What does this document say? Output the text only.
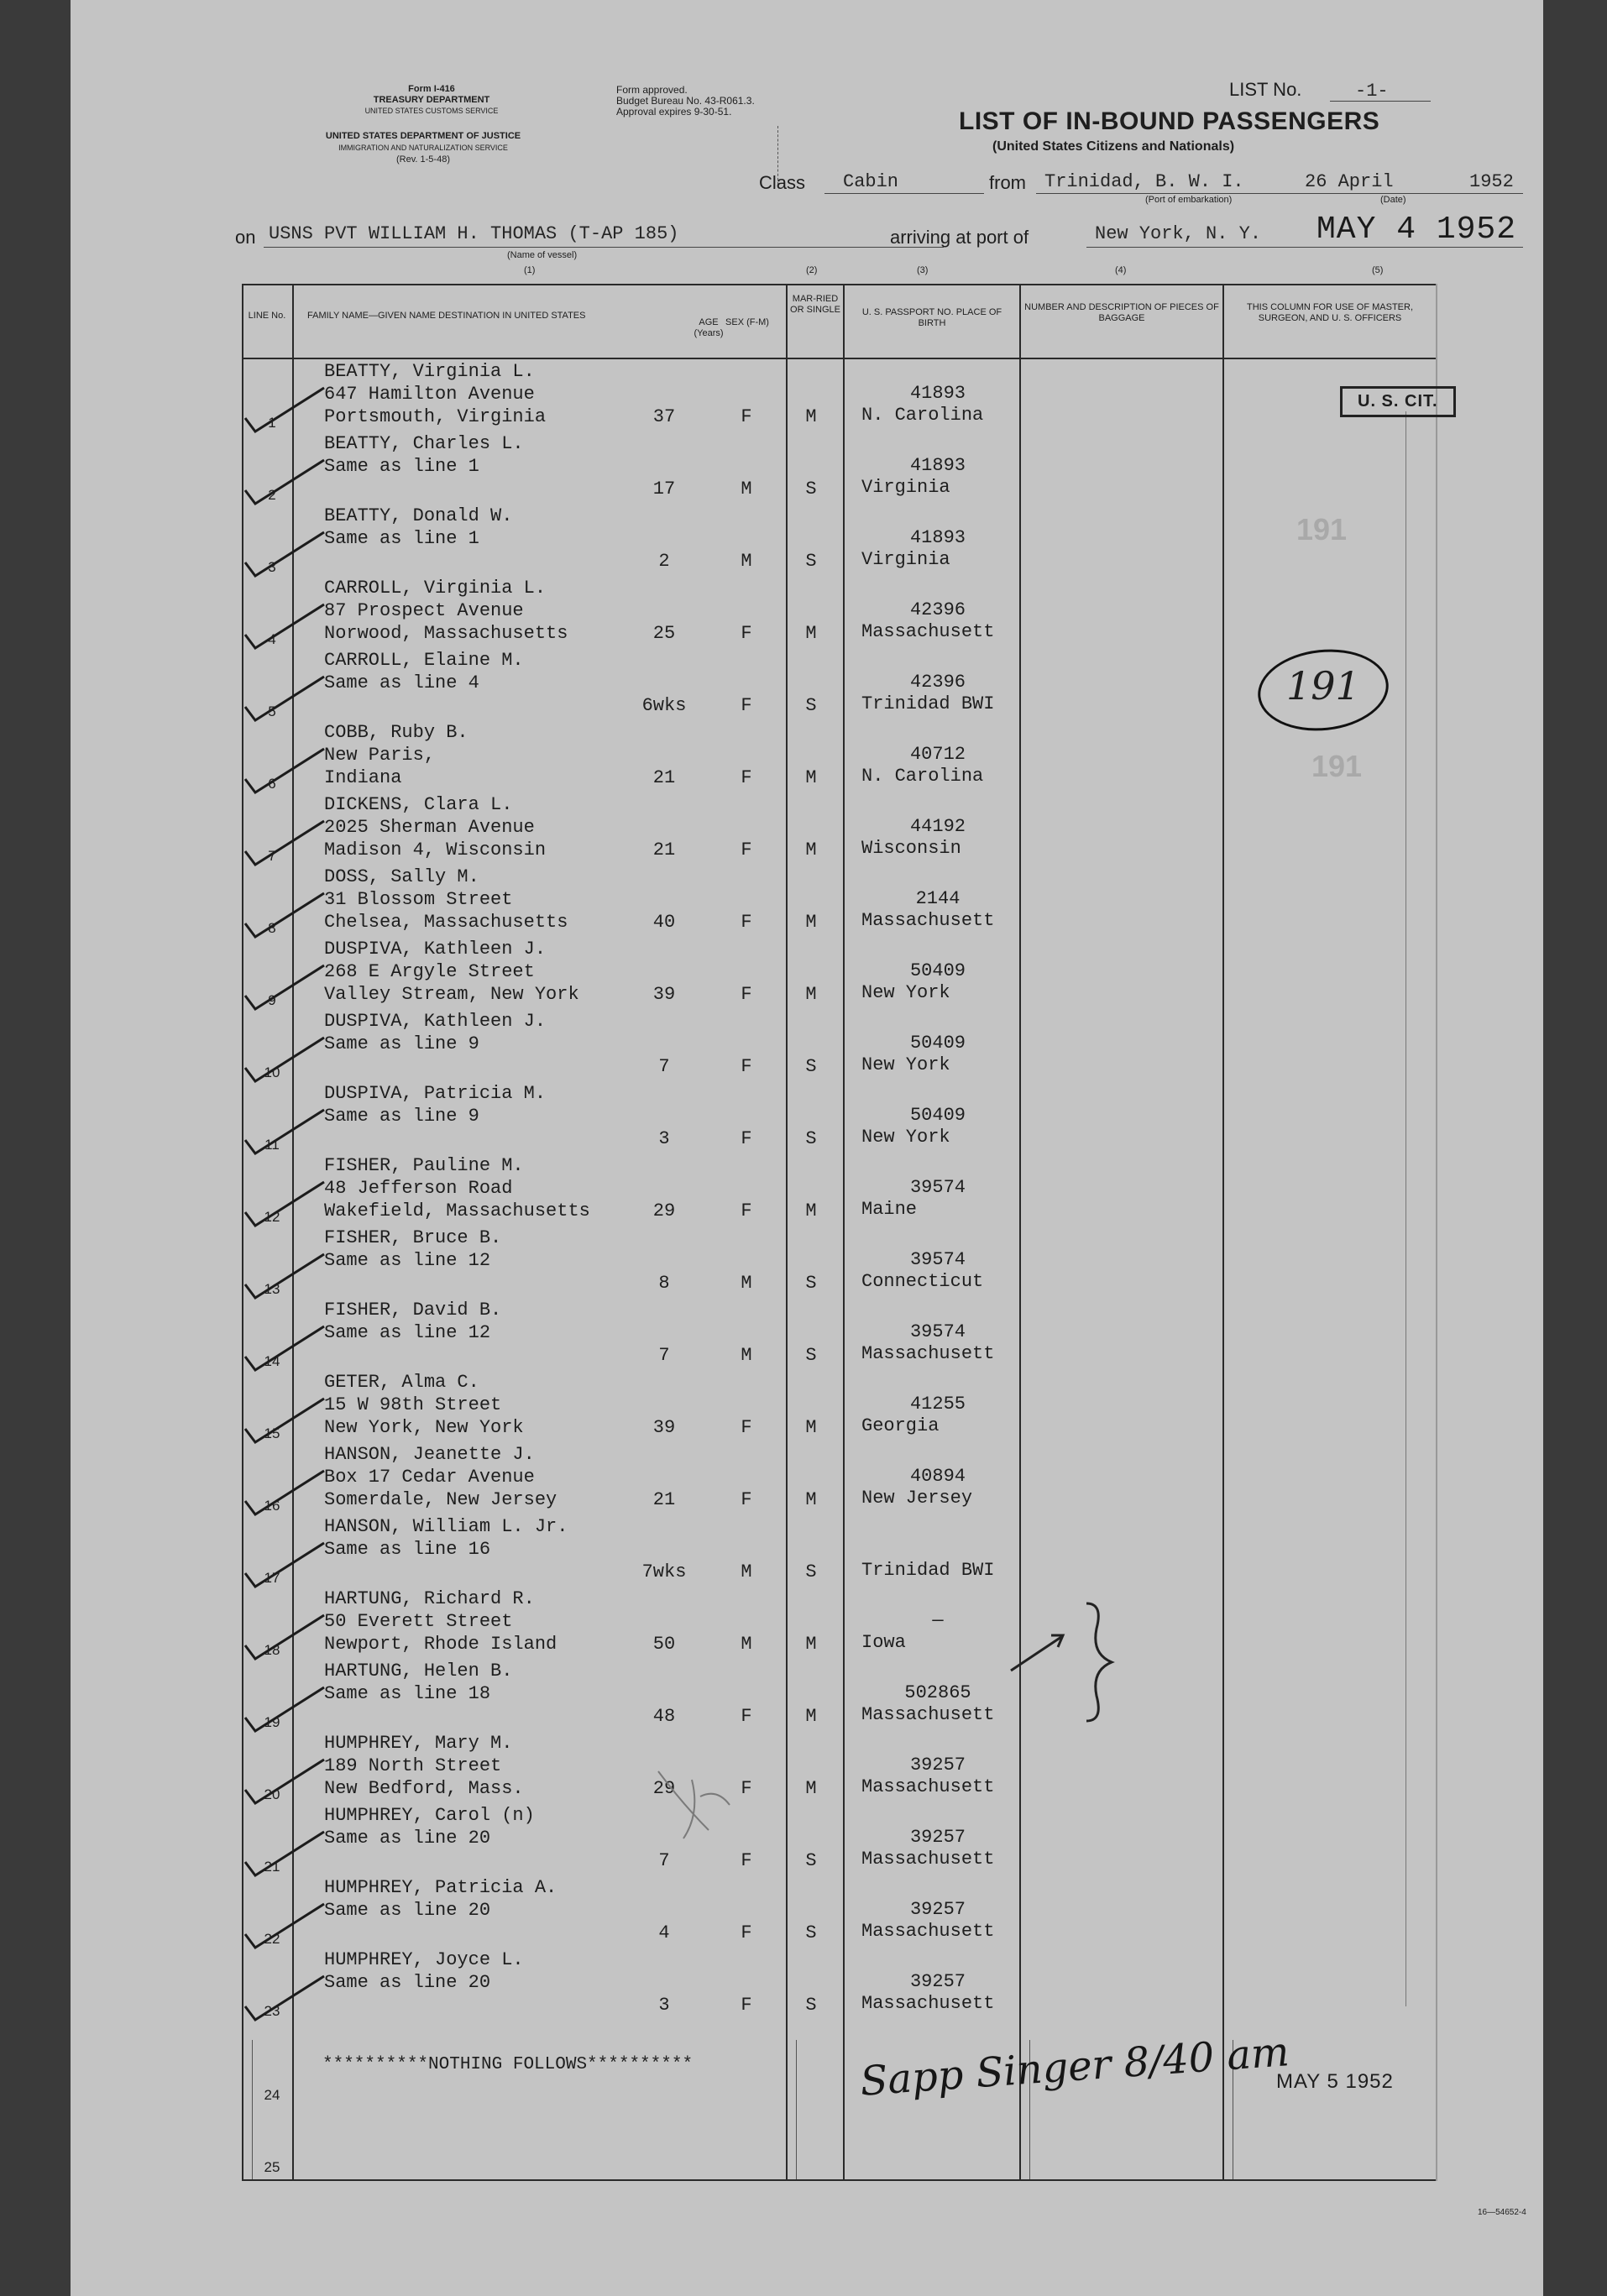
Form I-416
TREASURY DEPARTMENT
UNITED STATES CUSTOMS SERVICE
Form approved.
Budget Bureau No. 43-R061.3.
Approval expires 9-30-51.
UNITED STATES DEPARTMENT OF JUSTICE
IMMIGRATION AND NATURALIZATION SERVICE
(Rev. 1-5-48)
LIST No.	-1-
LIST OF IN-BOUND PASSENGERS
(United States Citizens and Nationals)
Class Cabin	from Trinidad, B. W. I.	26 April	1952
(Port of embarkation)	(Date)
on USNS PVT WILLIAM H. THOMAS (T-AP 185)
(Name of vessel)
arriving at port of	New York, N. Y. MAY 4 1952
(1)	(2)	(3)	(4)	(5)
LINE No.	FAMILY NAME—GIVEN NAME DESTINATION IN UNITED STATES
AGE (Years)
SEX (F-M)
MAR-RIED OR SINGLE	U. S. PASSPORT NO. PLACE OF BIRTH
NUMBER AND DESCRIPTION OF PIECES OF BAGGAGE
THIS COLUMN FOR USE OF MASTER, SURGEON, AND U. S. OFFICERS
1
BEATTY, Virginia L.
647 Hamilton Avenue
Portsmouth, Virginia	37	F	M
41893
N. Carolina
2
BEATTY, Charles L.
Same as line 1
17	M	S
41893
Virginia
3
BEATTY, Donald W.
Same as line 1
2	M	S
41893
Virginia
4
CARROLL, Virginia L.
87 Prospect Avenue
Norwood, Massachusetts	25	F	M
42396
Massachusett
5
CARROLL, Elaine M.
Same as line 4
6wks	F	S
42396
Trinidad BWI
6
COBB, Ruby B.
New Paris,
Indiana	21	F	M
40712
N. Carolina
7
DICKENS, Clara L.
2025 Sherman Avenue
Madison 4, Wisconsin	21	F	M
44192
Wisconsin
8
DOSS, Sally M.
31 Blossom Street
Chelsea, Massachusetts	40	F	M
2144
Massachusett
9
DUSPIVA, Kathleen J.
268 E Argyle Street
Valley Stream, New York	39	F	M
50409
New York
10
DUSPIVA, Kathleen J.
Same as line 9
7	F	S
50409
New York
11
DUSPIVA, Patricia M.
Same as line 9
3	F	S
50409
New York
12
FISHER, Pauline M.
48 Jefferson Road
Wakefield, Massachusetts	29	F	M
39574
Maine
13
FISHER, Bruce B.
Same as line 12
8	M	S
39574
Connecticut
14
FISHER, David B.
Same as line 12
7	M	S
39574
Massachusett
15
GETER, Alma C.
15 W 98th Street
New York, New York	39	F	M
41255
Georgia
16
HANSON, Jeanette J.
Box 17 Cedar Avenue
Somerdale, New Jersey	21	F	M
40894
New Jersey
17
HANSON, William L. Jr.
Same as line 16
7wks	M	S	Trinidad BWI
18
HARTUNG, Richard R.
50 Everett Street
Newport, Rhode Island	50	M	M
—
Iowa
19
HARTUNG, Helen B.
Same as line 18
48	F	M
502865
Massachusett
20
HUMPHREY, Mary M.
189 North Street
New Bedford, Mass.	29	F	M
39257
Massachusett
21
HUMPHREY, Carol (n)
Same as line 20
7	F	S
39257
Massachusett
22
HUMPHREY, Patricia A.
Same as line 20
4	F	S
39257
Massachusett
23
HUMPHREY, Joyce L.
Same as line 20
3	F	S
39257
Massachusett
24
25
U. S. CIT.
191
191
191
**********NOTHING FOLLOWS**********	Sapp Singer 8/40 am
MAY 5 1952
16—54652-4
